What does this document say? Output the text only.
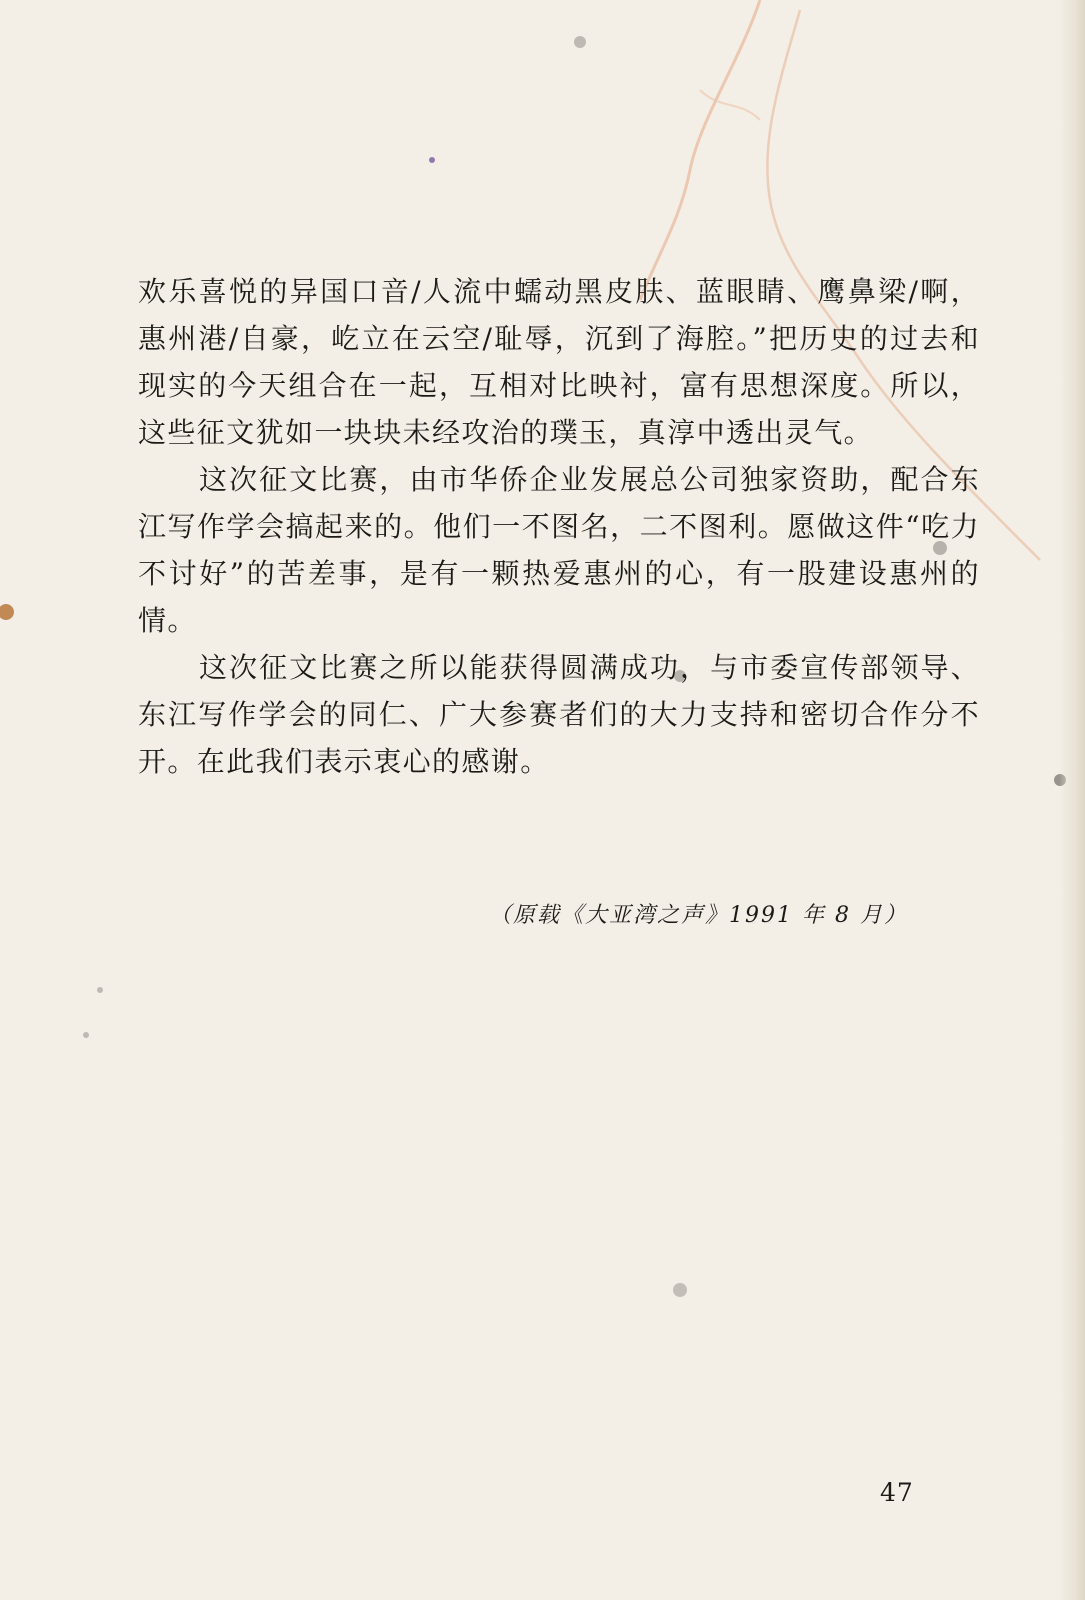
欢乐喜悦的异国口音/人流中蠕动黑皮肤、蓝眼睛、鹰鼻梁/啊，惠州港/自豪，屹立在云空/耻辱，沉到了海腔。”把历史的过去和现实的今天组合在一起，互相对比映衬，富有思想深度。所以，这些征文犹如一块块未经攻治的璞玉，真淳中透出灵气。

这次征文比赛，由市华侨企业发展总公司独家资助，配合东江写作学会搞起来的。他们一不图名，二不图利。愿做这件“吃力不讨好”的苦差事，是有一颗热爱惠州的心，有一股建设惠州的情。

这次征文比赛之所以能获得圆满成功，与市委宣传部领导、东江写作学会的同仁、广大参赛者们的大力支持和密切合作分不开。在此我们表示衷心的感谢。

（原载《大亚湾之声》1991 年 8 月）
47
